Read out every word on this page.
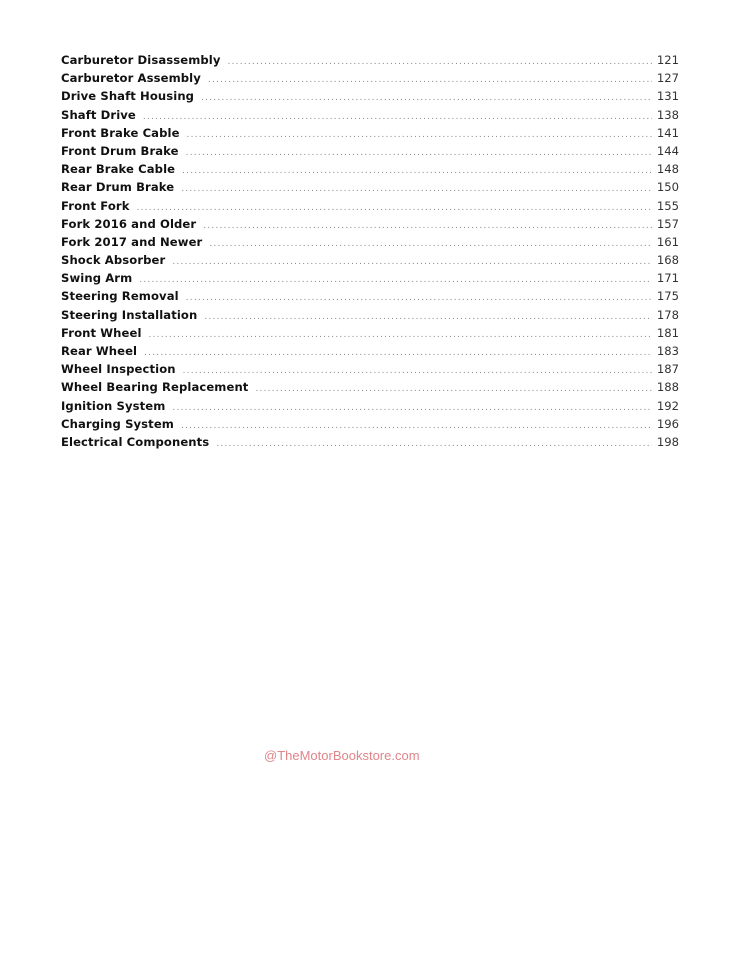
Carburetor Disassembly .....	121
Carburetor Assembly .....	127
Drive Shaft Housing .....	131
Shaft Drive .....	138
Front Brake Cable .....	141
Front Drum Brake .....	144
Rear Brake Cable .....	148
Rear Drum Brake .....	150
Front Fork .....	155
Fork 2016 and Older .....	157
Fork 2017 and Newer .....	161
Shock Absorber .....	168
Swing Arm .....	171
Steering Removal .....	175
Steering Installation .....	178
Front Wheel .....	181
Rear Wheel .....	183
Wheel Inspection .....	187
Wheel Bearing Replacement .....	188
Ignition System .....	192
Charging System .....	196
Electrical Components .....	198
@TheMotorBookstore.com
